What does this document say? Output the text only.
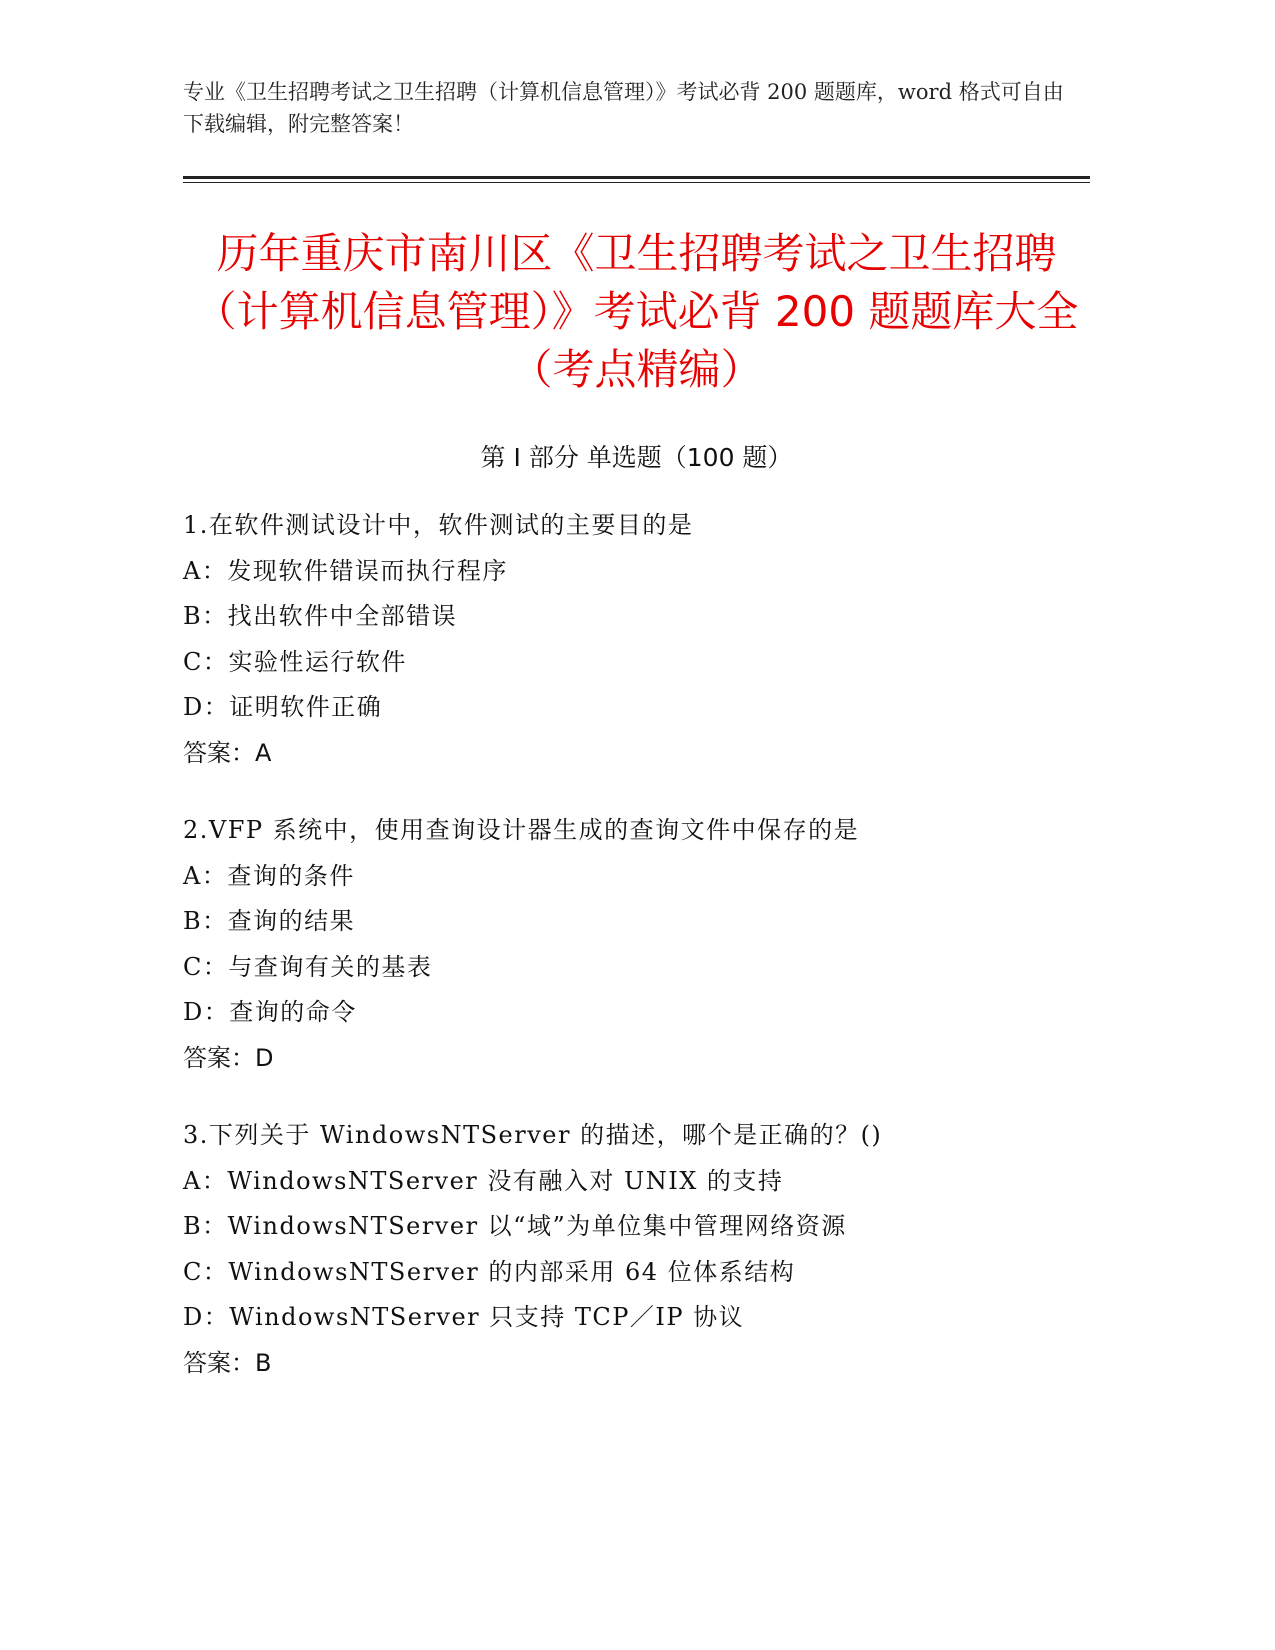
专业《卫生招聘考试之卫生招聘（计算机信息管理）》考试必背 200 题题库，word 格式可自由下载编辑，附完整答案！
历年重庆市南川区《卫生招聘考试之卫生招聘（计算机信息管理）》考试必背 200 题题库大全（考点精编）
第 I 部分 单选题（100 题）
1.在软件测试设计中，软件测试的主要目的是
A：发现软件错误而执行程序
B：找出软件中全部错误
C：实验性运行软件
D：证明软件正确
答案：A
2.VFP 系统中，使用查询设计器生成的查询文件中保存的是
A：查询的条件
B：查询的结果
C：与查询有关的基表
D：查询的命令
答案：D
3.下列关于 WindowsNTServer 的描述，哪个是正确的？()
A：WindowsNTServer 没有融入对 UNIX 的支持
B：WindowsNTServer 以“域”为单位集中管理网络资源
C：WindowsNTServer 的内部采用 64 位体系结构
D：WindowsNTServer 只支持 TCP／IP 协议
答案：B
